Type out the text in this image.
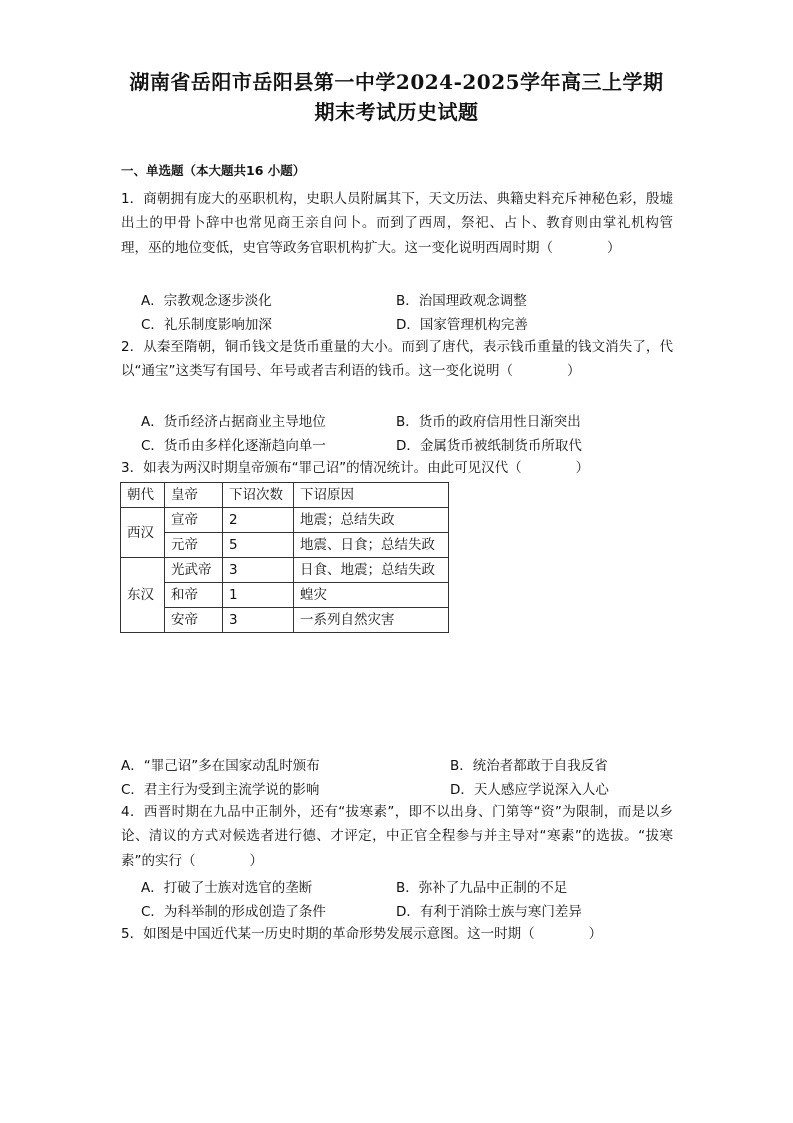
湖南省岳阳市岳阳县第一中学2024-2025学年高三上学期
期末考试历史试题
一、单选题（本大题共16 小题）
1．商朝拥有庞大的巫职机构，史职人员附属其下，天文历法、典籍史料充斥神秘色彩，殷墟出土的甲骨卜辞中也常见商王亲自问卜。而到了西周，祭祀、占卜、教育则由掌礼机构管理，巫的地位变低，史官等政务官职机构扩大。这一变化说明西周时期（　　　　）
A．宗教观念逐步淡化	B．治国理政观念调整
C．礼乐制度影响加深	D．国家管理机构完善
2．从秦至隋朝，铜币钱文是货币重量的大小。而到了唐代，表示钱币重量的钱文消失了，代以“通宝”这类写有国号、年号或者吉利语的钱币。这一变化说明（　　　　）
A．货币经济占据商业主导地位	B．货币的政府信用性日渐突出
C．货币由多样化逐渐趋向单一	D．金属货币被纸制货币所取代
3．如表为两汉时期皇帝颁布“罪己诏”的情况统计。由此可见汉代（　　　　）
朝代	皇帝	下诏次数	下诏原因
西汉	宣帝	2	地震；总结失政
	元帝	5	地震、日食；总结失政
东汉	光武帝	3	日食、地震；总结失政
	和帝	1	蝗灾
	安帝	3	一系列自然灾害
A．“罪己诏”多在国家动乱时颁布	B．统治者都敢于自我反省
C．君主行为受到主流学说的影响	D．天人感应学说深入人心
4．西晋时期在九品中正制外，还有“拔寒素”，即不以出身、门第等“资”为限制，而是以乡论、清议的方式对候选者进行德、才评定，中正官全程参与并主导对“寒素”的选拔。“拔寒素”的实行（　　　　）
A．打破了士族对选官的垄断	B．弥补了九品中正制的不足
C．为科举制的形成创造了条件	D．有利于消除士族与寒门差异
5．如图是中国近代某一历史时期的革命形势发展示意图。这一时期（　　　　）
